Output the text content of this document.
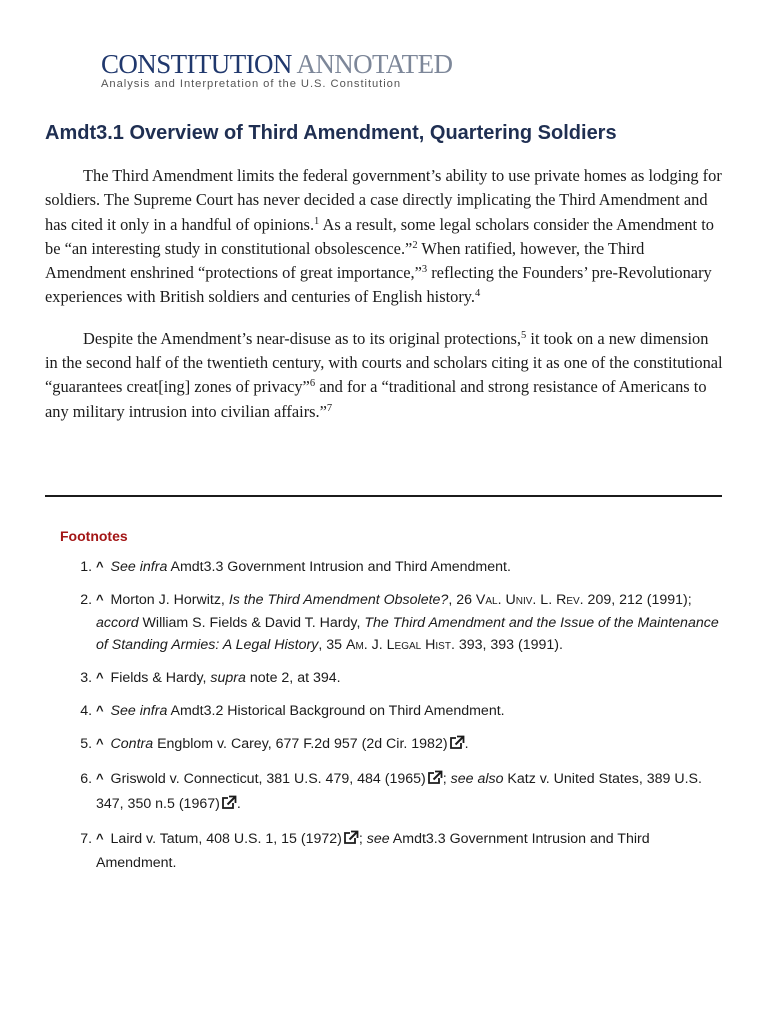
CONSTITUTION ANNOTATED
Analysis and Interpretation of the U.S. Constitution
Amdt3.1 Overview of Third Amendment, Quartering Soldiers

The Third Amendment limits the federal government’s ability to use private homes as lodging for soldiers. The Supreme Court has never decided a case directly implicating the Third Amendment and has cited it only in a handful of opinions.$^1$ As a result, some legal scholars consider the Amendment to be “an interesting study in constitutional obsolescence.”$^2$ When ratified, however, the Third Amendment enshrined “protections of great importance,”$^3$ reflecting the Founders’ pre-Revolutionary experiences with British soldiers and centuries of English history.$^4$

Despite the Amendment’s near-disuse as to its original protections,$^5$ it took on a new dimension in the second half of the twentieth century, with courts and scholars citing it as one of the constitutional “guarantees creat[ing] zones of privacy”$^6$ and for a “traditional and strong resistance of Americans to any military intrusion into civilian affairs.”$^7$

Footnotes
1. ^ See infra Amdt3.3 Government Intrusion and Third Amendment.
2. ^ Morton J. Horwitz, Is the Third Amendment Obsolete?, 26 Val. Univ. L. Rev. 209, 212 (1991); accord William S. Fields & David T. Hardy, The Third Amendment and the Issue of the Maintenance of Standing Armies: A Legal History, 35 Am. J. Legal Hist. 393, 393 (1991).
3. ^ Fields & Hardy, supra note 2, at 394.
4. ^ See infra Amdt3.2 Historical Background on Third Amendment.
5. ^ Contra Engblom v. Carey, 677 F.2d 957 (2d Cir. 1982) .
6. ^ Griswold v. Connecticut, 381 U.S. 479, 484 (1965) ; see also Katz v. United States, 389 U.S. 347, 350 n.5 (1967) .
7. ^ Laird v. Tatum, 408 U.S. 1, 15 (1972) ; see Amdt3.3 Government Intrusion and Third Amendment.
